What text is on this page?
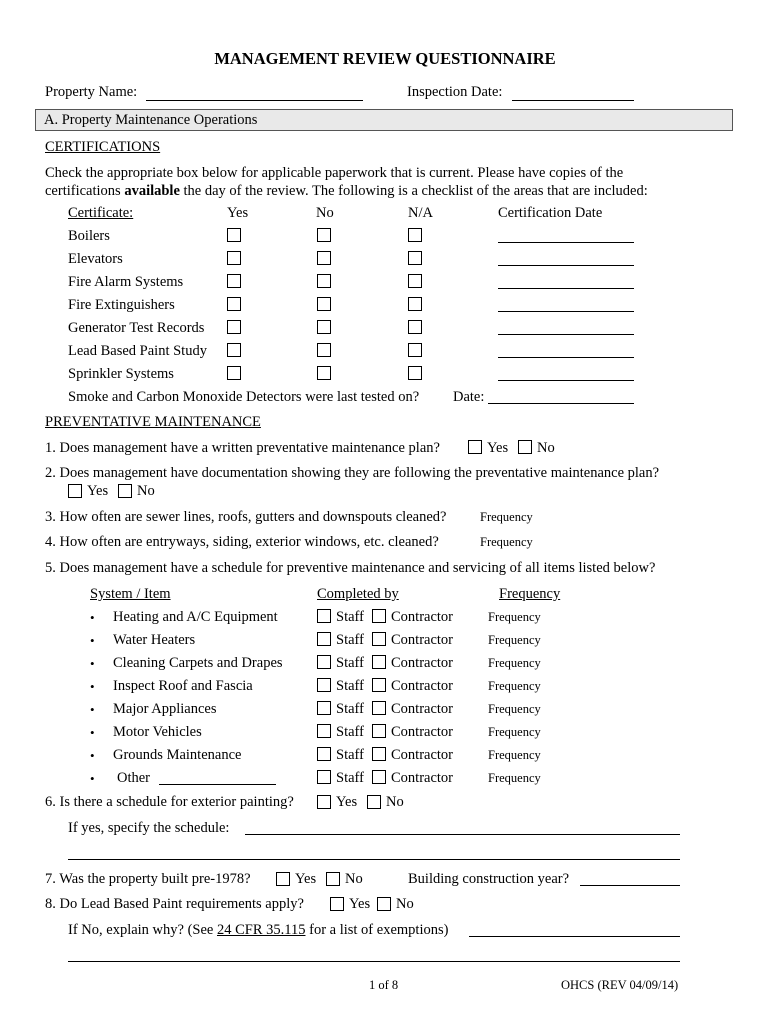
MANAGEMENT REVIEW QUESTIONNAIRE
Property Name:	Inspection Date:
A. Property Maintenance Operations
CERTIFICATIONS
Check the appropriate box below for applicable paperwork that is current. Please have copies of the
certifications available the day of the review. The following is a checklist of the areas that are included:
Certificate:	Yes	No	N/A	Certification Date
Boilers
Elevators
Fire Alarm Systems
Fire Extinguishers
Generator Test Records
Lead Based Paint Study
Sprinkler Systems
Smoke and Carbon Monoxide Detectors were last tested on? Date:
PREVENTATIVE MAINTENANCE
1. Does management have a written preventative maintenance plan?	Yes No
2. Does management have documentation showing they are following the preventative maintenance plan?
Yes No
3. How often are sewer lines, roofs, gutters and downspouts cleaned?	Frequency
4. How often are entryways, siding, exterior windows, etc. cleaned?	Frequency
5. Does management have a schedule for preventive maintenance and servicing of all items listed below?
System / Item	Completed by	Frequency
• Heating and A/C Equipment	Staff Contractor	Frequency
• Water Heaters	Staff Contractor	Frequency
• Cleaning Carpets and Drapes	Staff Contractor	Frequency
• Inspect Roof and Fascia	Staff Contractor	Frequency
• Major Appliances	Staff Contractor	Frequency
• Motor Vehicles	Staff Contractor	Frequency
• Grounds Maintenance	Staff Contractor	Frequency
• Other	Staff Contractor	Frequency
6. Is there a schedule for exterior painting?	Yes No
If yes, specify the schedule:
7. Was the property built pre-1978?	Yes No	Building construction year?
8. Do Lead Based Paint requirements apply?	Yes No
If No, explain why? (See 24 CFR 35.115 for a list of exemptions)
1 of 8	OHCS (REV 04/09/14)
